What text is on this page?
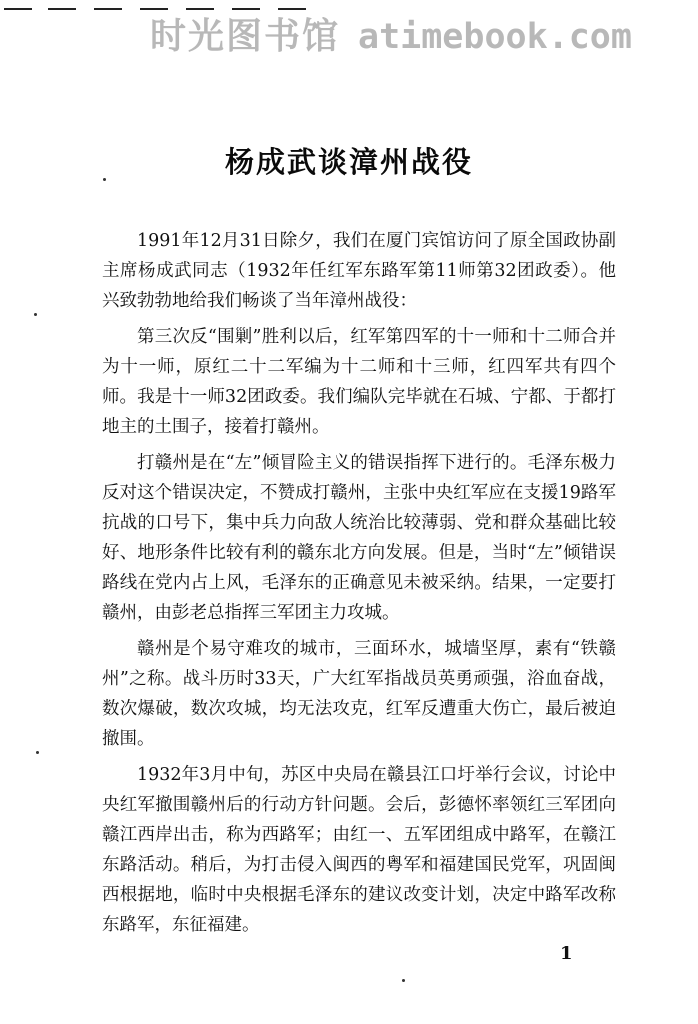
时光图书馆 atimebook.com
杨成武谈漳州战役

1991年12月31日除夕，我们在厦门宾馆访问了原全国政协副主席杨成武同志（1932年任红军东路军第11师第32团政委）。他兴致勃勃地给我们畅谈了当年漳州战役：

第三次反“围剿”胜利以后，红军第四军的十一师和十二师合并为十一师，原红二十二军编为十二师和十三师，红四军共有四个师。我是十一师32团政委。我们编队完毕就在石城、宁都、于都打地主的土围子，接着打赣州。

打赣州是在“左”倾冒险主义的错误指挥下进行的。毛泽东极力反对这个错误决定，不赞成打赣州，主张中央红军应在支援19路军抗战的口号下，集中兵力向敌人统治比较薄弱、党和群众基础比较好、地形条件比较有利的赣东北方向发展。但是，当时“左”倾错误路线在党内占上风，毛泽东的正确意见未被采纳。结果，一定要打赣州，由彭老总指挥三军团主力攻城。

赣州是个易守难攻的城市，三面环水，城墙坚厚，素有“铁赣州”之称。战斗历时33天，广大红军指战员英勇顽强，浴血奋战，数次爆破，数次攻城，均无法攻克，红军反遭重大伤亡，最后被迫撤围。

1932年3月中旬，苏区中央局在赣县江口圩举行会议，讨论中央红军撤围赣州后的行动方针问题。会后，彭德怀率领红三军团向赣江西岸出击，称为西路军；由红一、五军团组成中路军，在赣江东路活动。稍后，为打击侵入闽西的粤军和福建国民党军，巩固闽西根据地，临时中央根据毛泽东的建议改变计划，决定中路军改称东路军，东征福建。

1
